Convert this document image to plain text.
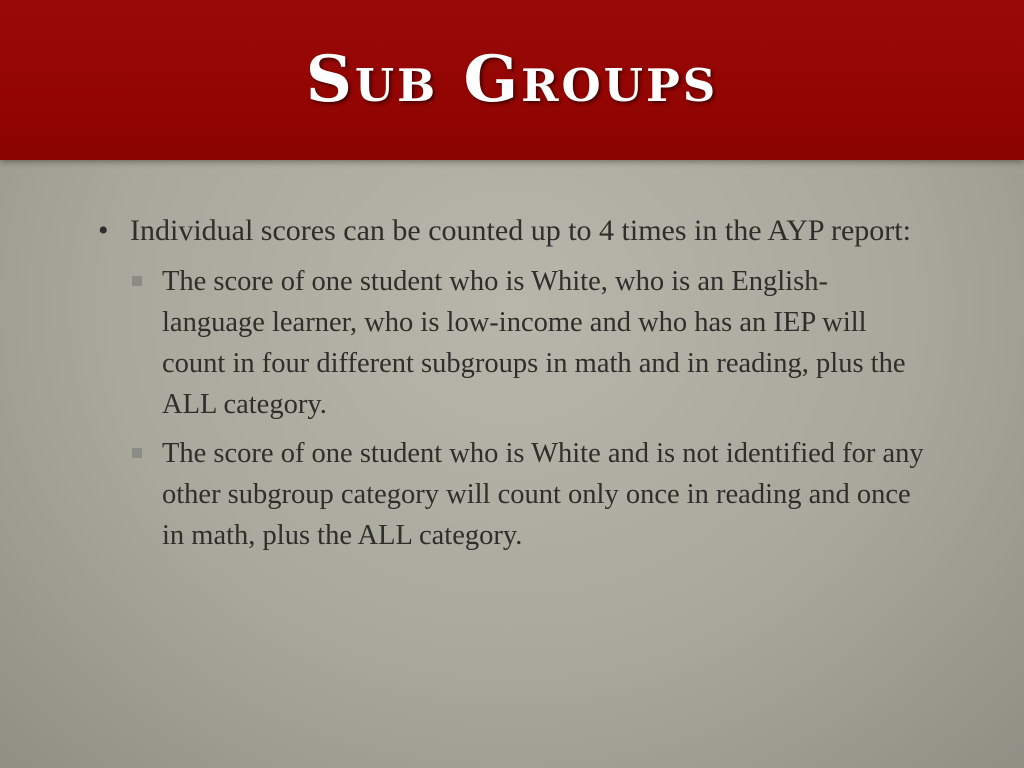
Sub Groups
• Individual scores can be counted up to 4 times in the AYP report:
The score of one student who is White, who is an English-language learner, who is low-income and who has an IEP will count in four different subgroups in math and in reading, plus the ALL category.
The score of one student who is White and is not identified for any other subgroup category will count only once in reading and once in math, plus the ALL category.
